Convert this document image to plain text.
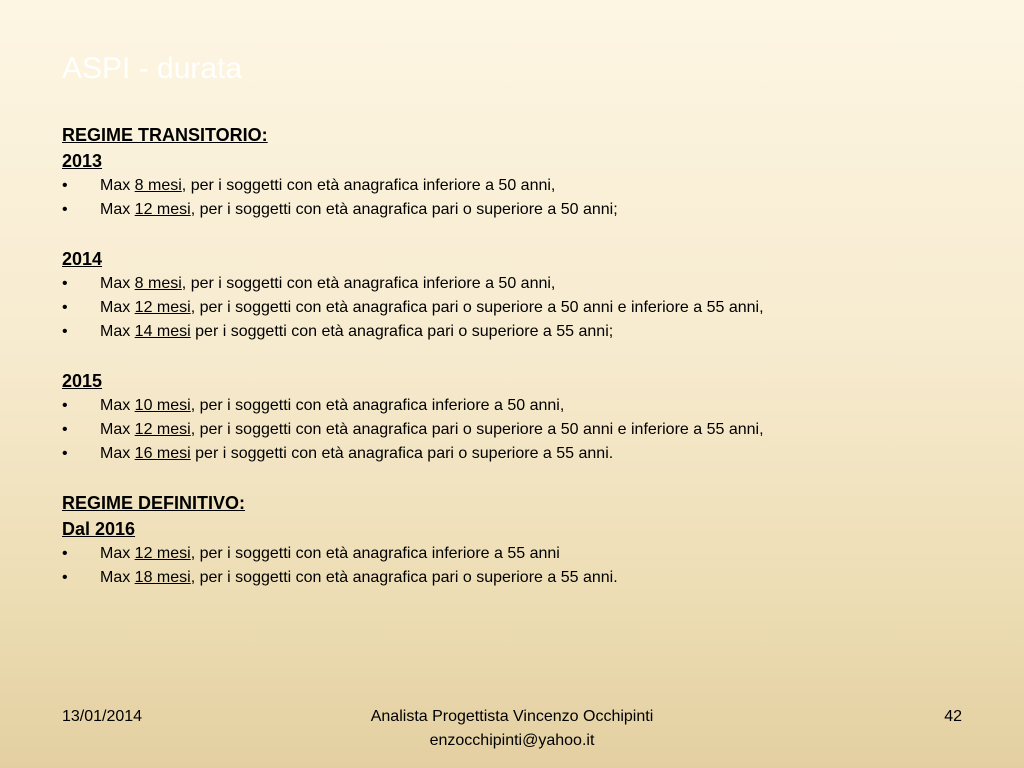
ASPI - durata
REGIME TRANSITORIO:
2013
• Max 8 mesi, per i soggetti con età anagrafica inferiore a 50 anni,
• Max 12 mesi, per i soggetti con età anagrafica pari o superiore a 50 anni;
2014
• Max 8 mesi, per i soggetti con età anagrafica inferiore a 50 anni,
• Max 12 mesi, per i soggetti con età anagrafica pari o superiore a 50 anni e inferiore a 55 anni,
• Max 14 mesi per i soggetti con età anagrafica pari o superiore a 55 anni;
2015
• Max 10 mesi, per i soggetti con età anagrafica inferiore a 50 anni,
• Max 12 mesi, per i soggetti con età anagrafica pari o superiore a 50 anni e inferiore a 55 anni,
• Max 16 mesi per i soggetti con età anagrafica pari o superiore a 55 anni.
REGIME DEFINITIVO:
Dal 2016
• Max 12 mesi, per i soggetti con età anagrafica inferiore a 55 anni
• Max 18 mesi, per i soggetti con età anagrafica pari o superiore a 55 anni.
13/01/2014	Analista Progettista Vincenzo Occhipinti
enzocchipinti@yahoo.it
42
